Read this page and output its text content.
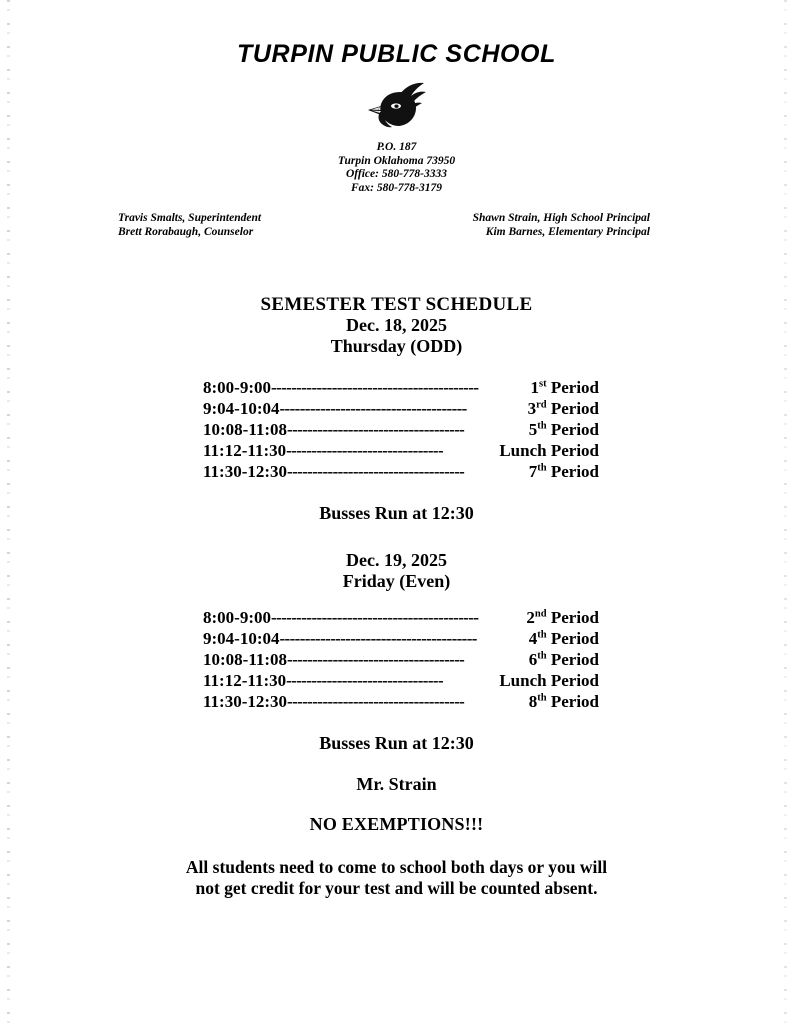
TURPIN PUBLIC SCHOOL
P.O. 187
Turpin Oklahoma 73950
Office: 580-778-3333
Fax: 580-778-3179
Travis Smalts, Superintendent
Brett Rorabaugh, Counselor
Shawn Strain, High School Principal
Kim Barnes, Elementary Principal
SEMESTER TEST SCHEDULE
Dec. 18, 2025
Thursday (ODD)
8:00-9:00 -----------------------------------------	1st Period
9:04-10:04 -------------------------------------	3rd Period
10:08-11:08 -----------------------------------	5th Period
11:12-11:30 -------------------------------	Lunch Period
11:30-12:30 -----------------------------------	7th Period
Busses Run at 12:30
Dec. 19, 2025
Friday (Even)
8:00-9:00 -----------------------------------------	2nd Period
9:04-10:04 ---------------------------------------	4th Period
10:08-11:08 -----------------------------------	6th Period
11:12-11:30 -------------------------------	Lunch Period
11:30-12:30 -----------------------------------	8th Period
Busses Run at 12:30
Mr. Strain
NO EXEMPTIONS!!!
All students need to come to school both days or you will
not get credit for your test and will be counted absent.
